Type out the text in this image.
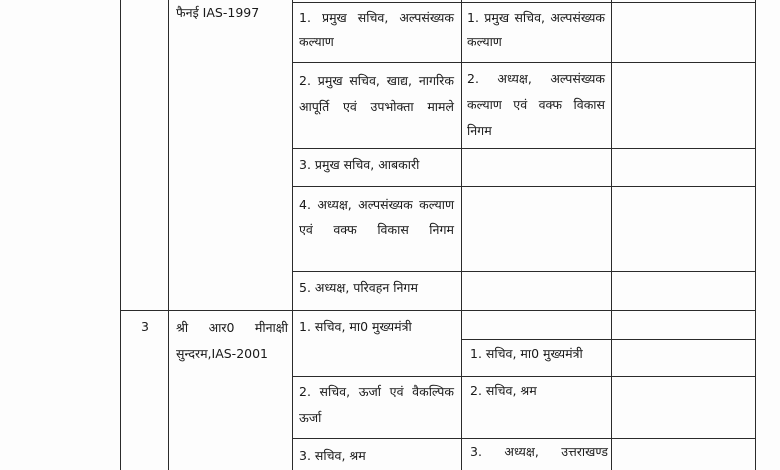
फैनई IAS-1997	1. प्रमुख सचिव, अल्पसंख्यक कल्याण
2. प्रमुख सचिव, खाद्य, नागरिक आपूर्ति एवं उपभोक्ता मामले
3. प्रमुख सचिव, आबकारी
4. अध्यक्ष, अल्पसंख्यक कल्याण एवं वक्फ विकास निगम
5. अध्यक्ष, परिवहन निगम
1. प्रमुख सचिव, अल्पसंख्यक कल्याण
2. अध्यक्ष, अल्पसंख्यक कल्याण एवं वक्फ विकास निगम
3 श्री आर0 मीनाक्षी सुन्दरम,IAS-2001
1. सचिव, मा0 मुख्यमंत्री
2. सचिव, ऊर्जा एवं वैकल्पिक ऊर्जा
3. सचिव, श्रम
1. सचिव, मा0 मुख्यमंत्री
2. सचिव, श्रम
3. अध्यक्ष, उत्तराखण्ड
